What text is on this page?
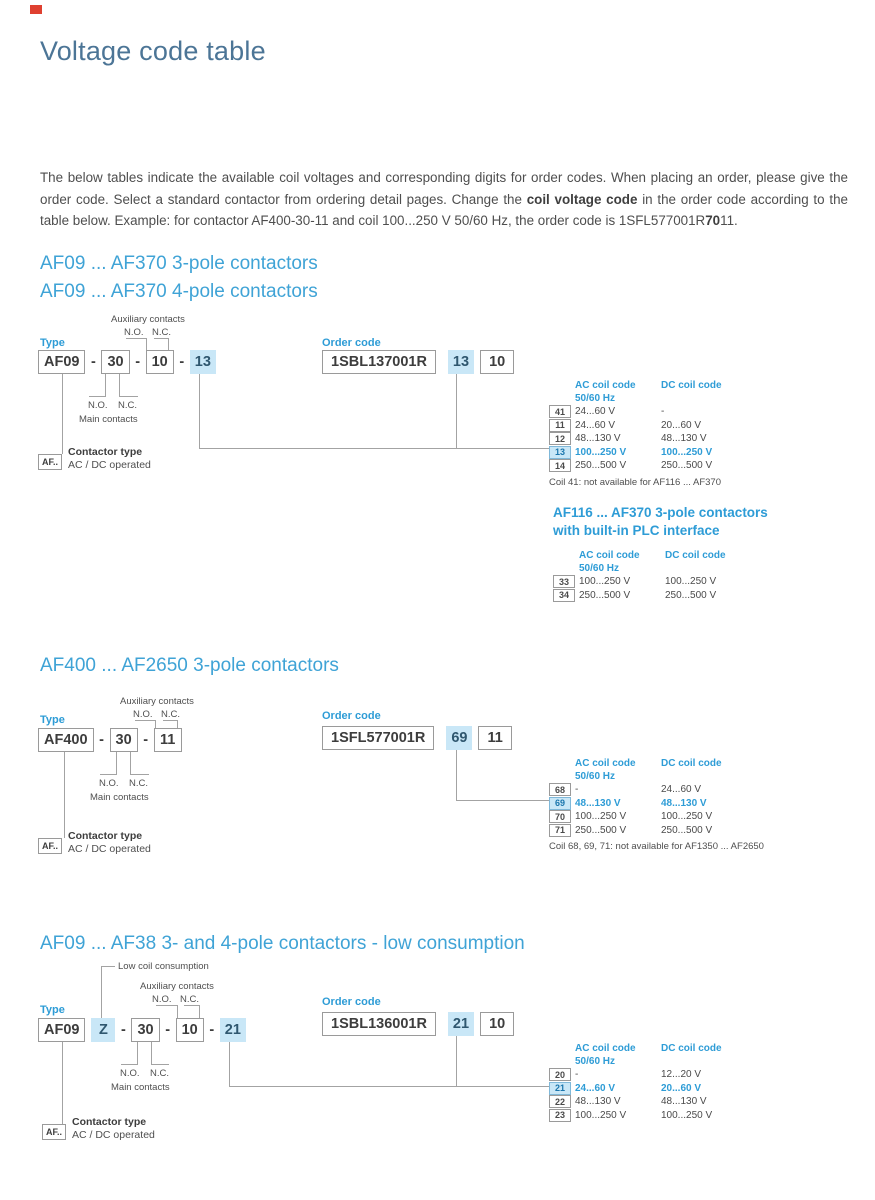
Voltage code table

The below tables indicate the available coil voltages and corresponding digits for order codes. When placing an order, please give the order code. Select a standard contactor from ordering detail pages. Change the coil voltage code in the order code according to the table below. Example: for contactor AF400-30-11 and coil 100...250 V 50/60 Hz, the order code is 1SFL577001R7011.

AF09 ... AF370 3-pole contactors
AF09 ... AF370 4-pole contactors
Auxiliary contacts
N.O. N.C.
Type
AF09 - 30 - 10 - 13
N.O. N.C.
Main contacts
Contactor type
AC / DC operated
AF..
Order code
1SBL137001R	13	10
AC coil code	DC coil code
50/60 Hz
41	24...60 V	-
11	24...60 V	20...60 V
12	48...130 V	48...130 V
13	100...250 V	100...250 V
14	250...500 V	250...500 V
Coil 41: not available for AF116 ... AF370
AF116 ... AF370 3-pole contactors
with built-in PLC interface
AC coil code	DC coil code
50/60 Hz
33	100...250 V	100...250 V
34	250...500 V	250...500 V
AF400 ... AF2650 3-pole contactors
Auxiliary contacts
N.O. N.C.
Type
AF400 - 30 - 11
N.O. N.C.
Main contacts
Contactor type
AC / DC operated
AF..
Order code
1SFL577001R	69	11
AC coil code	DC coil code
50/60 Hz
68	-	24...60 V
69	48...130 V	48...130 V
70	100...250 V	100...250 V
71	250...500 V	250...500 V
Coil 68, 69, 71: not available for AF1350 ... AF2650
AF09 ... AF38 3- and 4-pole contactors - low consumption
Low coil consumption
Auxiliary contacts
N.O. N.C.
Type
AF09	Z - 30 - 10 - 21
N.O. N.C.
Main contacts
Contactor type
AC / DC operated
AF..
Order code
1SBL136001R	21	10
AC coil code	DC coil code
50/60 Hz
20	-	12...20 V
21	24...60 V	20...60 V
22	48...130 V	48...130 V
23	100...250 V	100...250 V
